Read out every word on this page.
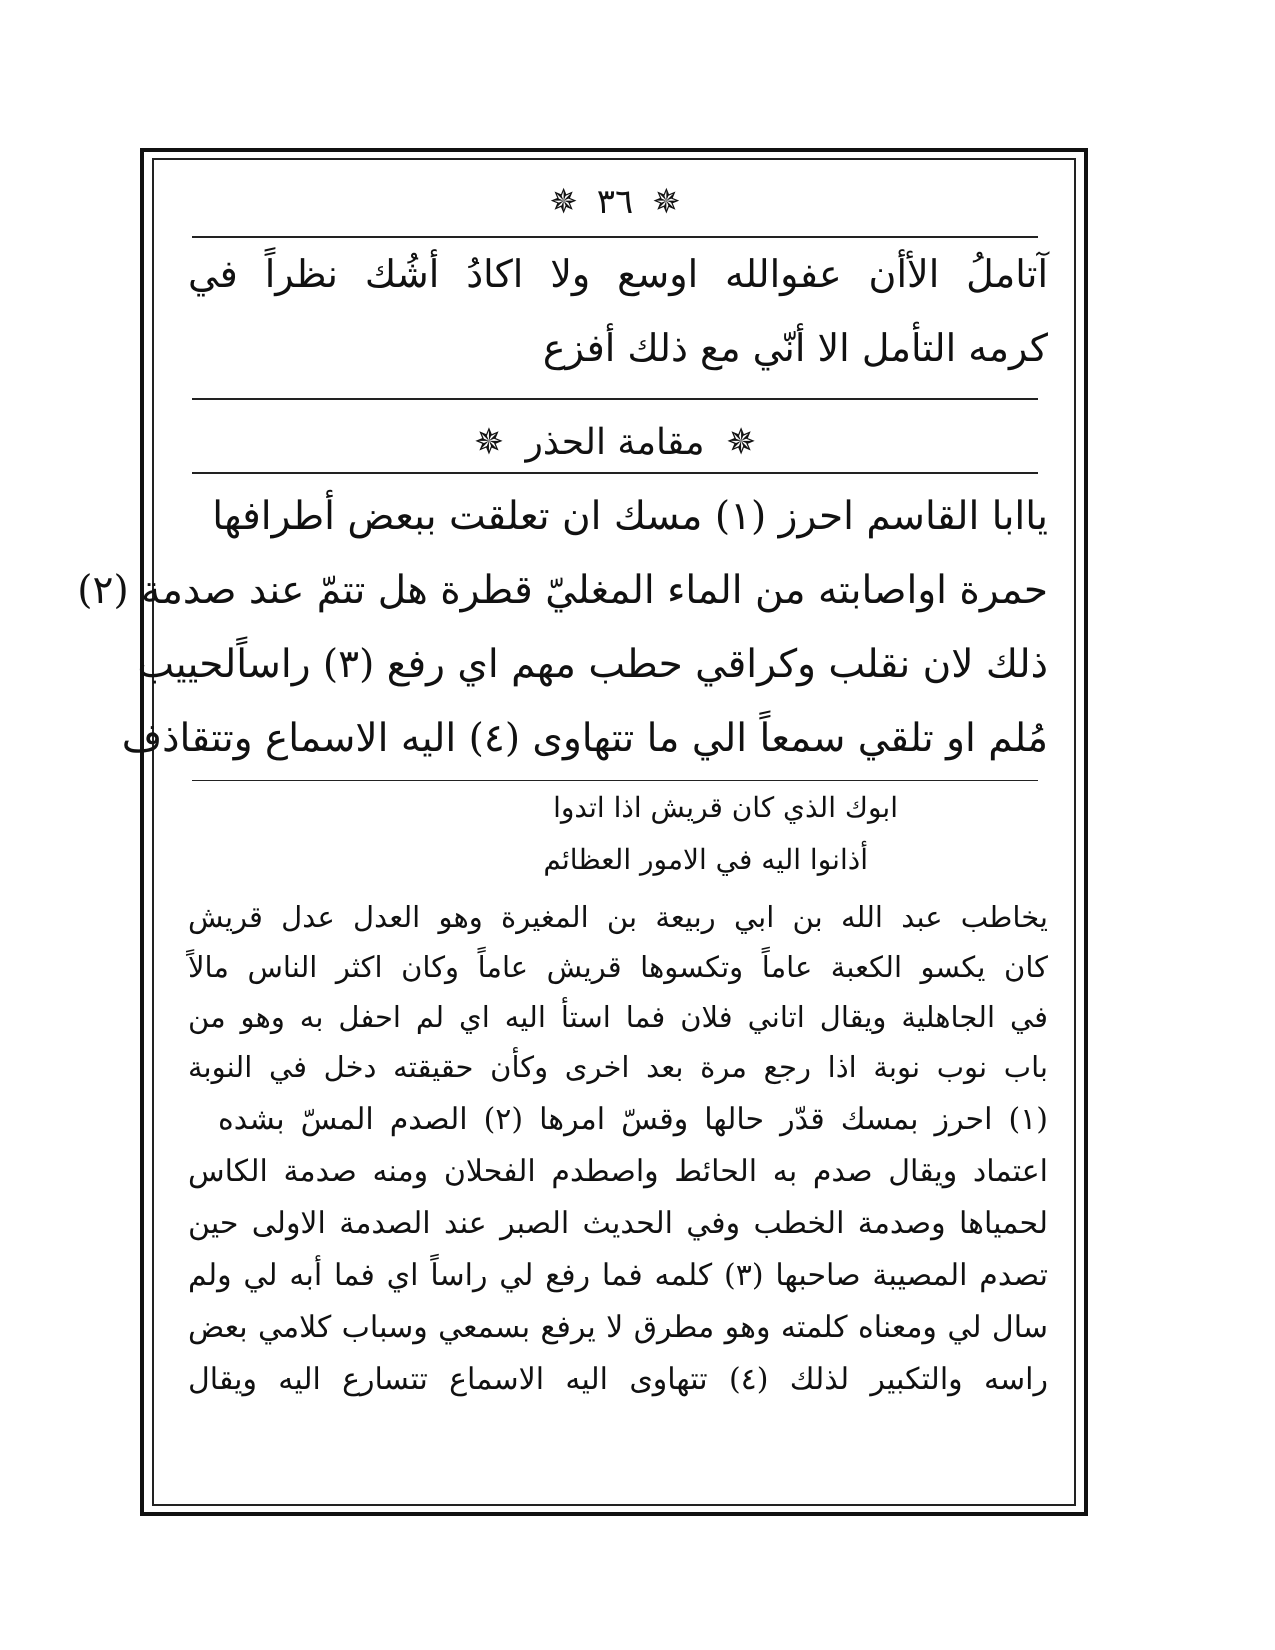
✵ ٣٦ ✵
آتاملُ الأأن عفوالله اوسع ولا اكادُ أشُك نظراً في
كرمه التأمل الا أنّي مع ذلك أفزع
✵ مقامة الحذر ✵
ياابا القاسم احرز (١) مسك ان تعلقت ببعض أطرافها
حمرة اواصابته من الماء المغليّ قطرة هل تتمّ عند صدمة (٢)
ذلك لان نقلب وكراقي حطب مهم اي رفع (٣) راساًلحييب
مُلم او تلقي سمعاً الي ما تتهاوى (٤) اليه الاسماع وتتقاذف
ابوك الذي كان قريش اذا اتدوا
أذانوا اليه في الامور العظائم
يخاطب عبد الله بن ابي ربيعة بن المغيرة وهو العدل عدل قريش
كان يكسو الكعبة عاماً وتكسوها قريش عاماً وكان اكثر الناس مالاً
في الجاهلية ويقال اتاني فلان فما استأ اليه اي لم احفل به وهو من
باب نوب نوبة اذا رجع مرة بعد اخرى وكأن حقيقته دخل في النوبة
(١) احرز بمسك قدّر حالها وقسّ امرها (٢) الصدم المسّ بشده
اعتماد ويقال صدم به الحائط واصطدم الفحلان ومنه صدمة الكاس
لحمياها وصدمة الخطب وفي الحديث الصبر عند الصدمة الاولى حين
تصدم المصيبة صاحبها (٣) كلمه فما رفع لي راساً اي فما أبه لي ولم
سال لي ومعناه كلمته وهو مطرق لا يرفع بسمعي وسباب كلامي بعض
راسه والتكبير لذلك (٤) تتهاوى اليه الاسماع تتسارع اليه ويقال
